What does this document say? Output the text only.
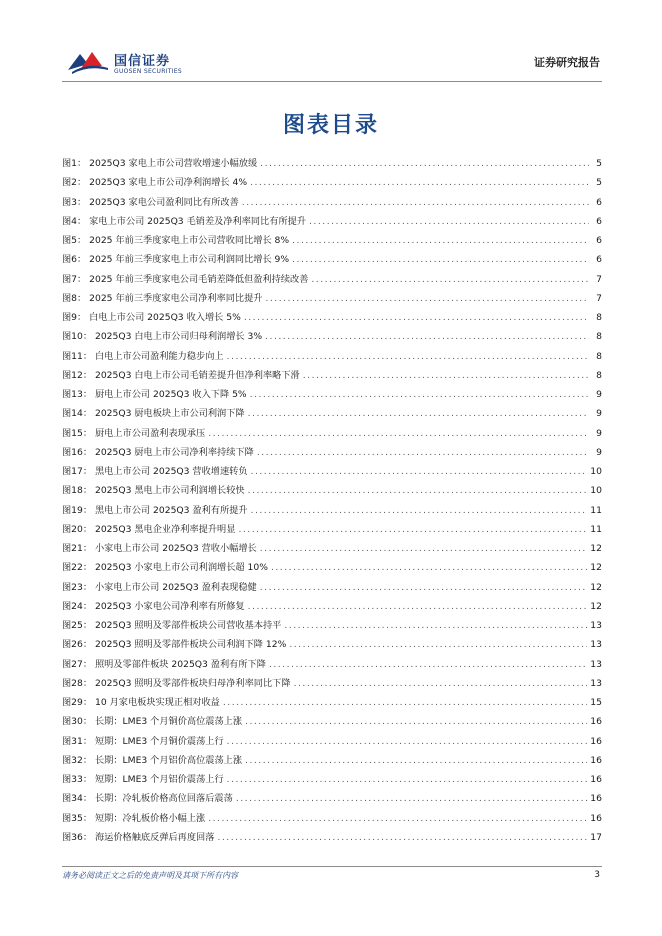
国信证券
GUOSEN SECURITIES
证券研究报告
图表目录
图1： 2025Q3 家电上市公司营收增速小幅放缓 .....	5
图2： 2025Q3 家电上市公司净利润增长 4% .....	5
图3： 2025Q3 家电公司盈利同比有所改善 .....	6
图4： 家电上市公司 2025Q3 毛销差及净利率同比有所提升 .....	6
图5： 2025 年前三季度家电上市公司营收同比增长 8% .....	6
图6： 2025 年前三季度家电上市公司利润同比增长 9% .....	6
图7： 2025 年前三季度家电公司毛销差降低但盈利持续改善 .....	7
图8： 2025 年前三季度家电公司净利率同比提升 .....	7
图9： 白电上市公司 2025Q3 收入增长 5% .....	8
图10： 2025Q3 白电上市公司归母利润增长 3% .....	8
图11： 白电上市公司盈利能力稳步向上 .....	8
图12： 2025Q3 白电上市公司毛销差提升但净利率略下滑 .....	8
图13： 厨电上市公司 2025Q3 收入下降 5% .....	9
图14： 2025Q3 厨电板块上市公司利润下降 .....	9
图15： 厨电上市公司盈利表现承压 .....	9
图16： 2025Q3 厨电上市公司净利率持续下降 .....	9
图17： 黑电上市公司 2025Q3 营收增速转负 .....	10
图18： 2025Q3 黑电上市公司利润增长较快 .....	10
图19： 黑电上市公司 2025Q3 盈利有所提升 .....	11
图20： 2025Q3 黑电企业净利率提升明显 .....	11
图21： 小家电上市公司 2025Q3 营收小幅增长 .....	12
图22： 2025Q3 小家电上市公司利润增长超 10% .....	12
图23： 小家电上市公司 2025Q3 盈利表现稳健 .....	12
图24： 2025Q3 小家电公司净利率有所修复 .....	12
图25： 2025Q3 照明及零部件板块公司营收基本持平 .....	13
图26： 2025Q3 照明及零部件板块公司利润下降 12% .....	13
图27： 照明及零部件板块 2025Q3 盈利有所下降 .....	13
图28： 2025Q3 照明及零部件板块归母净利率同比下降 .....	13
图29： 10 月家电板块实现正相对收益 .....	15
图30： 长期：LME3 个月铜价高位震荡上涨 .....	16
图31： 短期：LME3 个月铜价震荡上行 .....	16
图32： 长期：LME3 个月铝价高位震荡上涨 .....	16
图33： 短期：LME3 个月铝价震荡上行 .....	16
图34： 长期：冷轧板价格高位回落后震荡 .....	16
图35： 短期：冷轧板价格小幅上涨 .....	16
图36： 海运价格触底反弹后再度回落 .....	17
请务必阅读正文之后的免责声明及其项下所有内容	3
